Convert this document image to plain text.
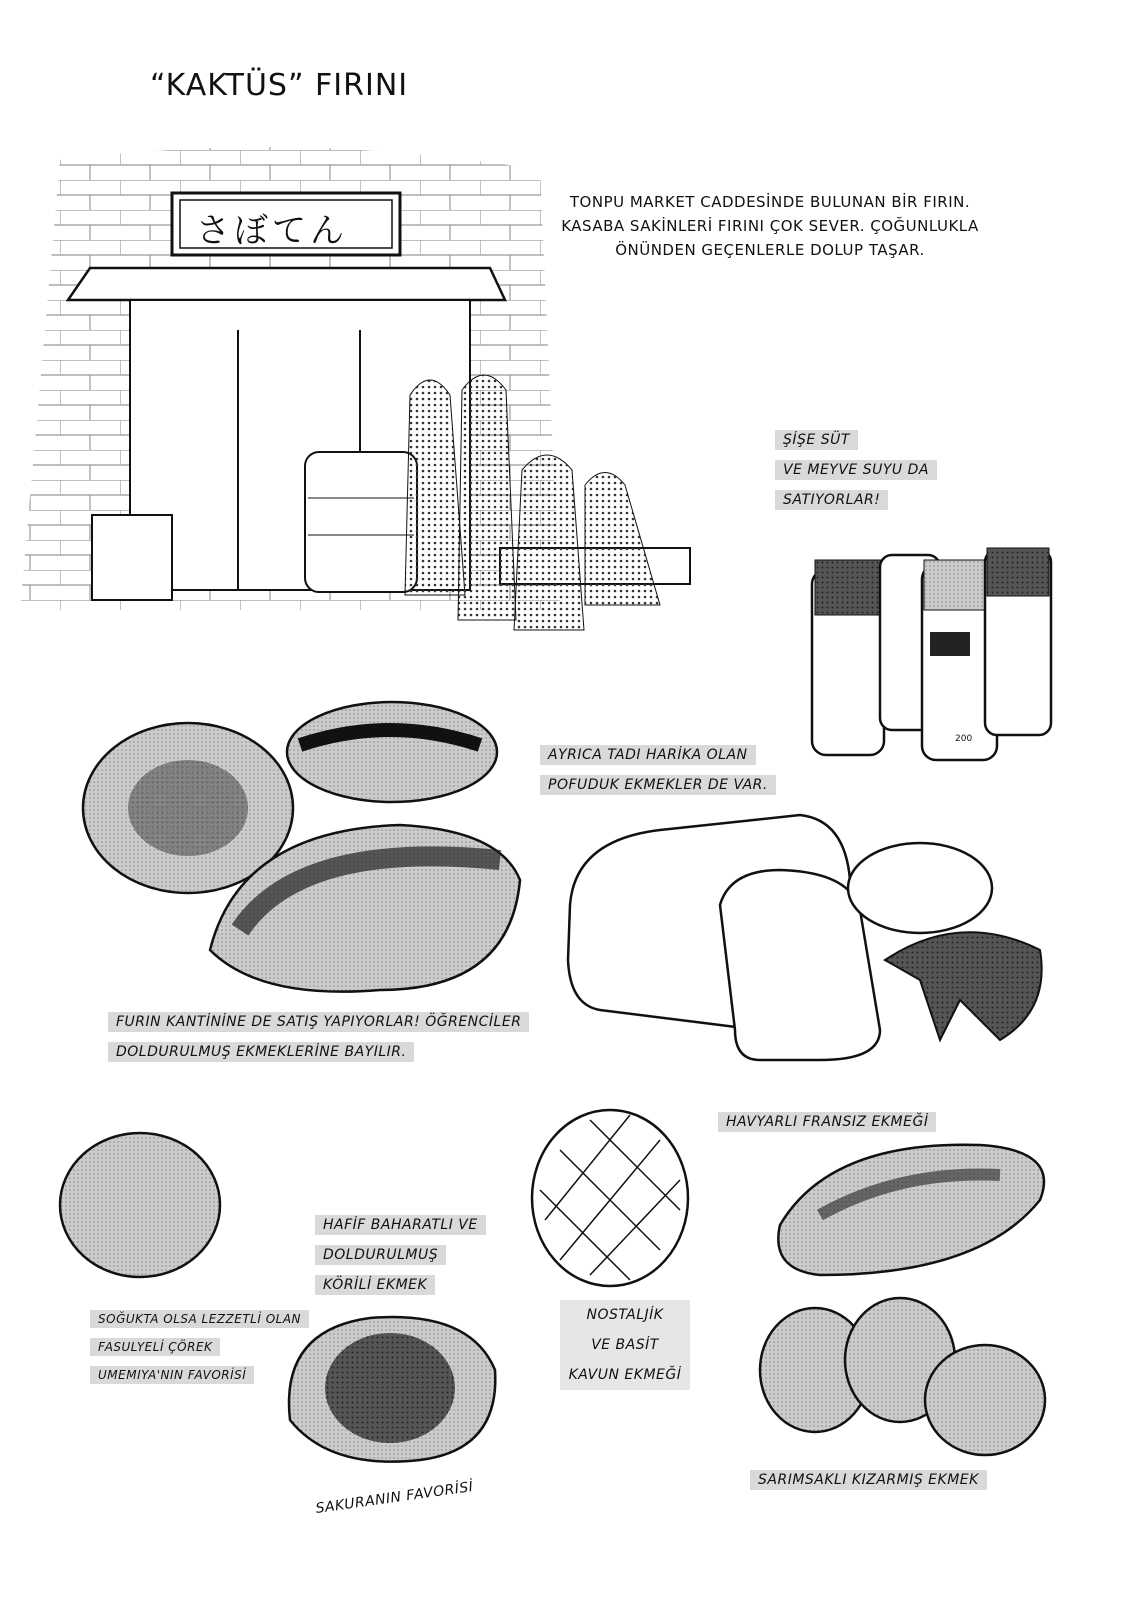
さぼてん
“KAKTÜS” FIRINI
TONPU MARKET CADDESİNDE BULUNAN BİR FIRIN.
KASABA SAKİNLERİ FIRINI ÇOK SEVER. ÇOĞUNLUKLA
ÖNÜNDEN GEÇENLERLE DOLUP TAŞAR.
ŞİŞE SÜT
VE MEYVE SUYU DA
SATIYORLAR!
200
AYRICA TADI HARİKA OLAN
POFUDUK EKMEKLER DE VAR.
FURIN KANTİNİNE DE SATIŞ YAPIYORLAR! ÖĞRENCİLER
DOLDURULMUŞ EKMEKLERİNE BAYILIR.
HAVYARLI FRANSIZ EKMEĞİ
HAFİF BAHARATLI VE
DOLDURULMUŞ
KÖRİLİ EKMEK
SOĞUKTA OLSA LEZZETLİ OLAN
FASULYELİ ÇÖREK
UMEMIYA'NIN FAVORİSİ
NOSTALJİK
VE BASİT
KAVUN EKMEĞİ
SARIMSAKLI KIZARMIŞ EKMEK
SAKURANIN FAVORİSİ
